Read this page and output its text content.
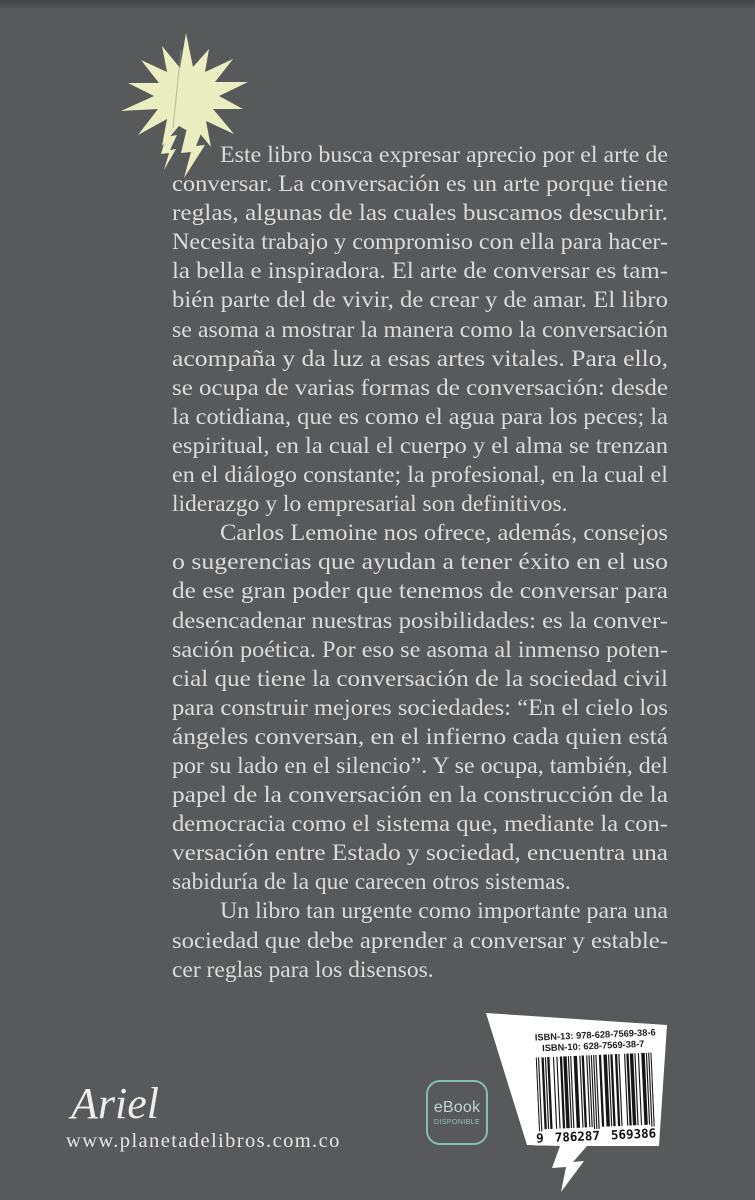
Este libro busca expresar aprecio por el arte de
conversar. La conversación es un arte porque tiene
reglas, algunas de las cuales buscamos descubrir.
Necesita trabajo y compromiso con ella para hacer-
la bella e inspiradora. El arte de conversar es tam-
bién parte del de vivir, de crear y de amar. El libro
se asoma a mostrar la manera como la conversación
acompaña y da luz a esas artes vitales. Para ello,
se ocupa de varias formas de conversación: desde
la cotidiana, que es como el agua para los peces; la
espiritual, en la cual el cuerpo y el alma se trenzan
en el diálogo constante; la profesional, en la cual el
liderazgo y lo empresarial son definitivos.
Carlos Lemoine nos ofrece, además, consejos
o sugerencias que ayudan a tener éxito en el uso
de ese gran poder que tenemos de conversar para
desencadenar nuestras posibilidades: es la conver-
sación poética. Por eso se asoma al inmenso poten-
cial que tiene la conversación de la sociedad civil
para construir mejores sociedades: “En el cielo los
ángeles conversan, en el infierno cada quien está
por su lado en el silencio”. Y se ocupa, también, del
papel de la conversación en la construcción de la
democracia como el sistema que, mediante la con-
versación entre Estado y sociedad, encuentra una
sabiduría de la que carecen otros sistemas.
Un libro tan urgente como importante para una
sociedad que debe aprender a conversar y estable-
cer reglas para los disensos.
Ariel
www.planetadelibros.com.co
ISBN-13: 978-628-7569-38-6
ISBN-10: 628-7569-38-7
9 786287 569386
eBook
DISPONIBLE
